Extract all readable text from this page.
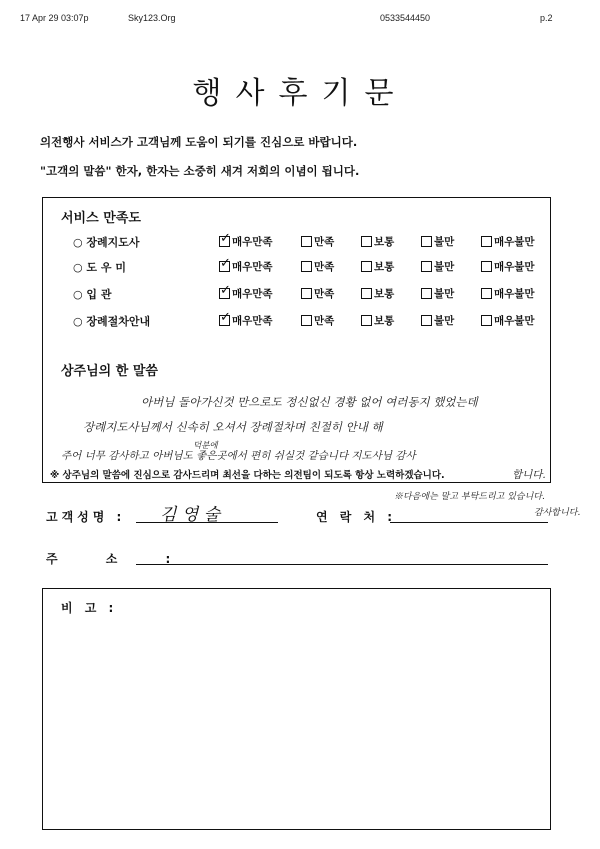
17 Apr 29 03:07p	Sky123.Org	0533544450	p.2
행사후기문
의전행사 서비스가 고객님께 도움이 되기를 진심으로 바랍니다.
"고객의 말씀" 한자, 한자는 소중히 새겨 저희의 이념이 됩니다.
서비스 만족도
○ 장례지도사 ✓	매우만족	만족	보통	불만	매우불만
○ 도 우 미 ✓	매우만족	만족	보통	불만	매우불만
○ 입 관 ✓	매우만족	만족	보통	불만	매우불만
○ 장례절차안내 ✓	매우만족	만족	보통	불만	매우불만
상주님의 한 말씀
아버님 돌아가신것 만으로도 정신없신 경황 없어 여러동지 했었는데
장례지도사님께서 신속히 오셔서 장례절차며 친절히 안내 해
덕분에
주어 너무 감사하고 아버님도 좋은곳에서 편히 쉬실것 같습니다 지도사님 감사
※ 상주님의 말씀에 진심으로 감사드리며 최선을 다하는 의전팀이 되도록 항상 노력하겠습니다.	합니다.
※다음에는 말고 부탁드리고 있습니다.
감사합니다.
고객성명 : 김 영 술	연 락 처 :
주 소 :
비 고 :
